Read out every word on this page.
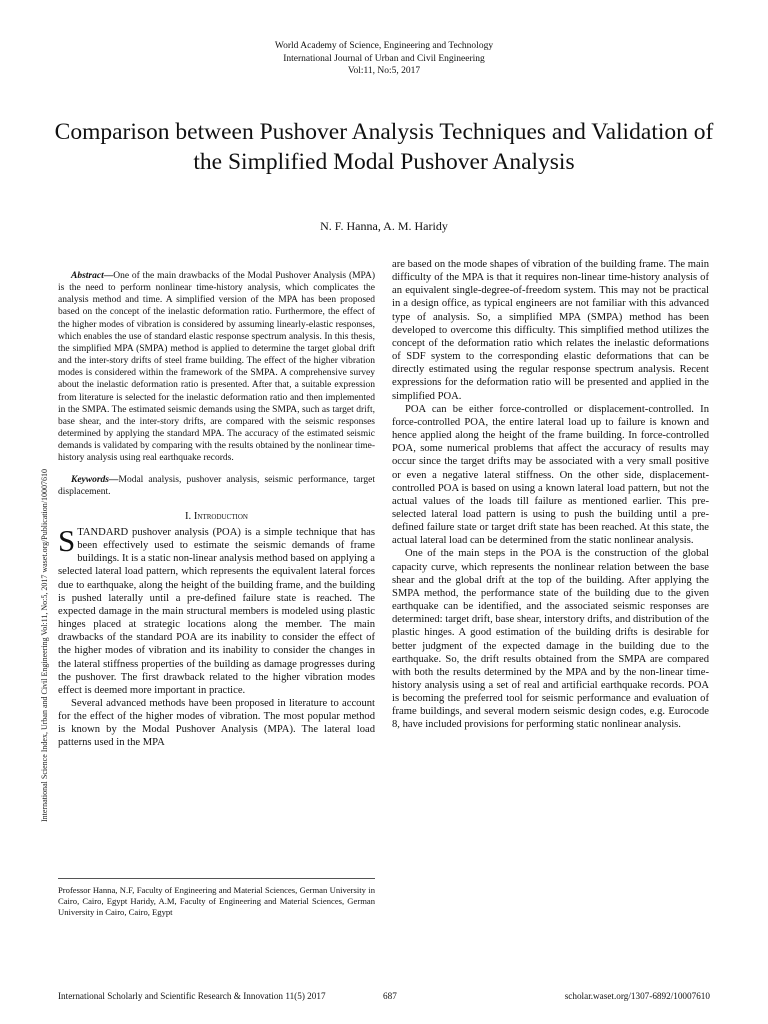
World Academy of Science, Engineering and Technology
International Journal of Urban and Civil Engineering
Vol:11, No:5, 2017
Comparison between Pushover Analysis Techniques and Validation of the Simplified Modal Pushover Analysis
N. F. Hanna, A. M. Haridy
International Science Index, Urban and Civil Engineering Vol:11, No:5, 2017 waset.org/Publication/10007610

Abstract—One of the main drawbacks of the Modal Pushover Analysis (MPA) is the need to perform nonlinear time-history analysis, which complicates the analysis method and time. A simplified version of the MPA has been proposed based on the concept of the inelastic deformation ratio. Furthermore, the effect of the higher modes of vibration is considered by assuming linearly-elastic responses, which enables the use of standard elastic response spectrum analysis. In this thesis, the simplified MPA (SMPA) method is applied to determine the target global drift and the inter-story drifts of steel frame building. The effect of the higher vibration modes is considered within the framework of the SMPA. A comprehensive survey about the inelastic deformation ratio is presented. After that, a suitable expression from literature is selected for the inelastic deformation ratio and then implemented in the SMPA. The estimated seismic demands using the SMPA, such as target drift, base shear, and the inter-story drifts, are compared with the seismic responses determined by applying the standard MPA. The accuracy of the estimated seismic demands is validated by comparing with the results obtained by the nonlinear time-history analysis using real earthquake records.

Keywords—Modal analysis, pushover analysis, seismic performance, target displacement.

I. Introduction

STANDARD pushover analysis (POA) is a simple technique that has been effectively used to estimate the seismic demands of frame buildings. It is a static non-linear analysis method based on applying a selected lateral load pattern, which represents the equivalent lateral forces due to earthquake, along the height of the building frame, and the building is pushed laterally until a pre-defined failure state is reached. The expected damage in the main structural members is modeled using plastic hinges placed at strategic locations along the member. The main drawbacks of the standard POA are its inability to consider the effect of the higher modes of vibration and its inability to consider the changes in the lateral stiffness properties of the building as damage progresses during the pushover. The first drawback related to the higher vibration modes effect is deemed more important in practice.

Several advanced methods have been proposed in literature to account for the effect of the higher modes of vibration. The most popular method is known by the Modal Pushover Analysis (MPA). The lateral load patterns used in the MPA

are based on the mode shapes of vibration of the building frame. The main difficulty of the MPA is that it requires non-linear time-history analysis of an equivalent single-degree-of-freedom system. This may not be practical in a design office, as typical engineers are not familiar with this advanced type of analysis. So, a simplified MPA (SMPA) method has been developed to overcome this difficulty. This simplified method utilizes the concept of the deformation ratio which relates the inelastic deformations of SDF system to the corresponding elastic deformations that can be directly estimated using the regular response spectrum analysis. Recent expressions for the deformation ratio will be presented and applied in the simplified POA.

POA can be either force-controlled or displacement-controlled. In force-controlled POA, the entire lateral load up to failure is known and hence applied along the height of the frame building. In force-controlled POA, some numerical problems that affect the accuracy of results may occur since the target drifts may be associated with a very small positive or even a negative lateral stiffness. On the other side, displacement-controlled POA is based on using a known lateral load pattern, but not the actual values of the loads till failure as mentioned earlier. This pre-selected lateral load pattern is using to push the building until a pre-defined failure state or target drift state has been reached. At this state, the actual lateral load can be determined from the static nonlinear analysis.

One of the main steps in the POA is the construction of the global capacity curve, which represents the nonlinear relation between the base shear and the global drift at the top of the building. After applying the SMPA method, the performance state of the building due to the given earthquake can be identified, and the associated seismic responses are determined: target drift, base shear, interstory drifts, and distribution of the plastic hinges. A good estimation of the building drifts is desirable for better judgment of the expected damage in the building due to the earthquake. So, the drift results obtained from the SMPA are compared with both the results determined by the MPA and by the non-linear time-history analysis using a set of real and artificial earthquake records. POA is becoming the preferred tool for seismic performance and evaluation of frame buildings, and several modern seismic design codes, e.g. Eurocode 8, have included provisions for performing static nonlinear analysis.

Professor Hanna, N.F, Faculty of Engineering and Material Sciences, German University in Cairo, Cairo, Egypt Haridy, A.M, Faculty of Engineering and Material Sciences, German University in Cairo, Cairo, Egypt

International Scholarly and Scientific Research & Innovation 11(5) 2017	687	scholar.waset.org/1307-6892/10007610
